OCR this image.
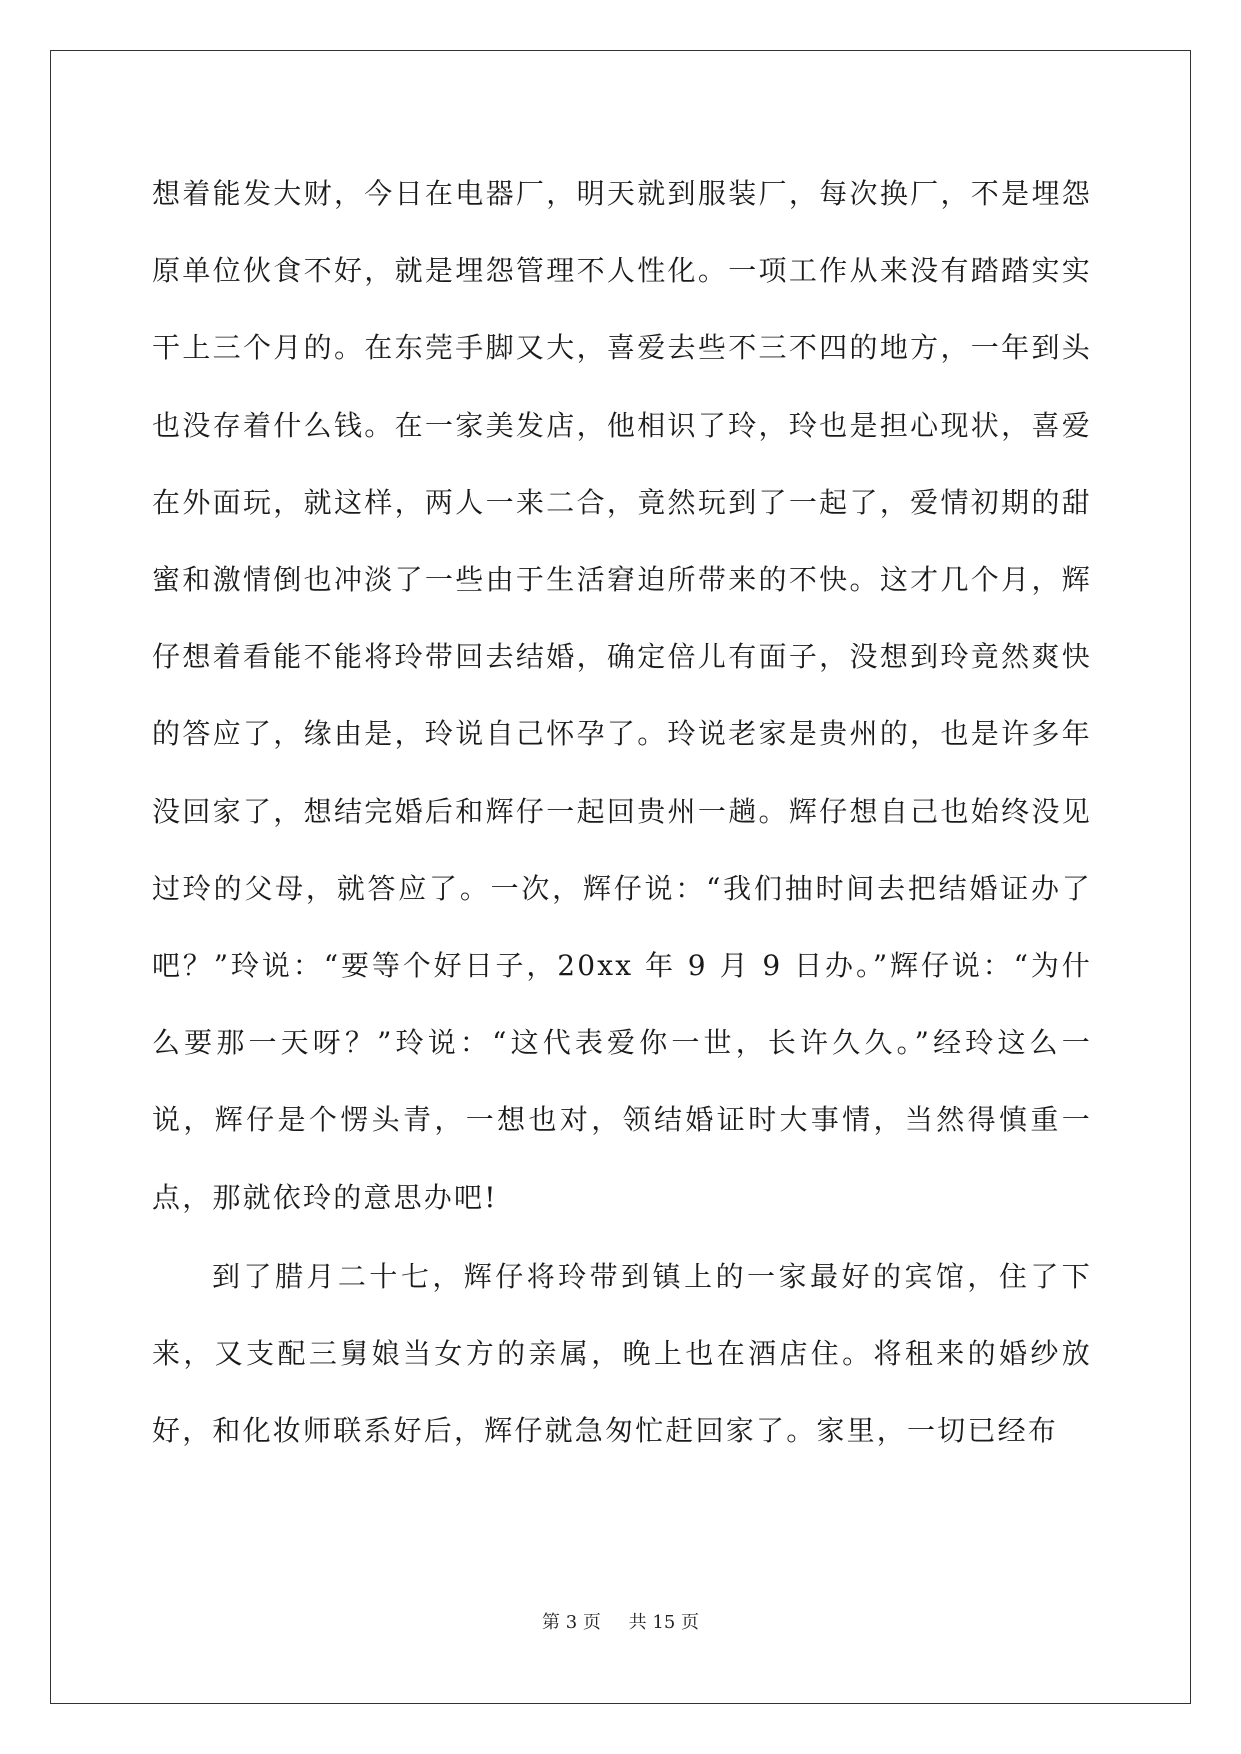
想着能发大财，今日在电器厂，明天就到服装厂，每次换厂，不是埋怨原单位伙食不好，就是埋怨管理不人性化。一项工作从来没有踏踏实实干上三个月的。在东莞手脚又大，喜爱去些不三不四的地方，一年到头也没存着什么钱。在一家美发店，他相识了玲，玲也是担心现状，喜爱在外面玩，就这样，两人一来二合，竟然玩到了一起了，爱情初期的甜蜜和激情倒也冲淡了一些由于生活窘迫所带来的不快。这才几个月，辉仔想着看能不能将玲带回去结婚，确定倍儿有面子，没想到玲竟然爽快的答应了，缘由是，玲说自己怀孕了。玲说老家是贵州的，也是许多年没回家了，想结完婚后和辉仔一起回贵州一趟。辉仔想自己也始终没见过玲的父母，就答应了。一次，辉仔说：“我们抽时间去把结婚证办了吧？”玲说：“要等个好日子，20xx 年 9 月 9 日办。”辉仔说：“为什么要那一天呀？”玲说：“这代表爱你一世，长许久久。”经玲这么一说，辉仔是个愣头青，一想也对，领结婚证时大事情，当然得慎重一点，那就依玲的意思办吧!

到了腊月二十七，辉仔将玲带到镇上的一家最好的宾馆，住了下来，又支配三舅娘当女方的亲属，晚上也在酒店住。将租来的婚纱放好，和化妆师联系好后，辉仔就急匆忙赶回家了。家里，一切已经布

第 3 页 共 15 页
